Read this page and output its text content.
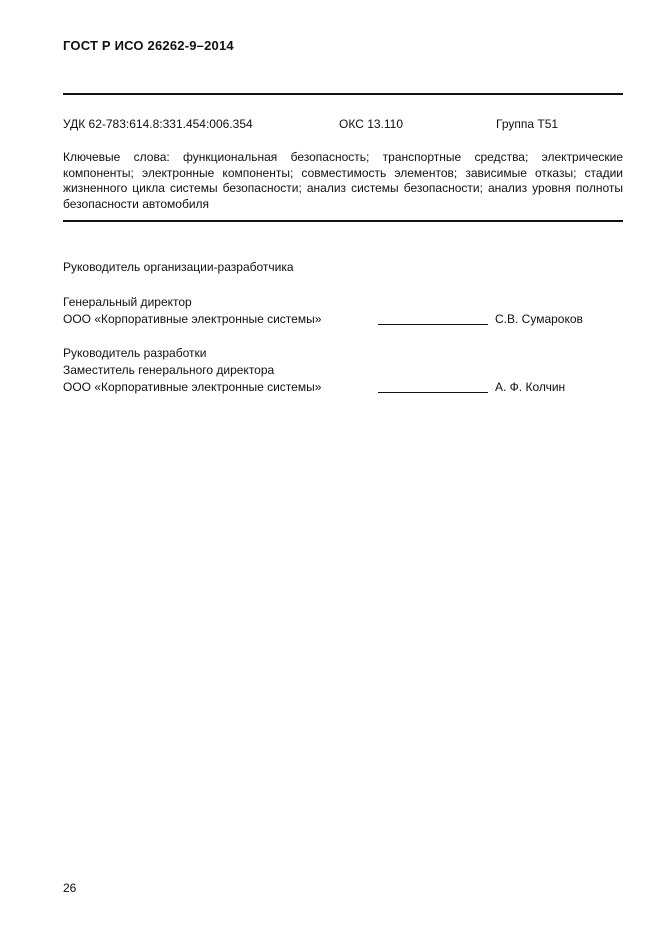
ГОСТ Р ИСО 26262-9–2014
УДК 62-783:614.8:331.454:006.354	ОКС 13.110	Группа Т51
Ключевые слова: функциональная безопасность; транспортные средства; электрические компоненты; электронные компоненты; совместимость элементов; зависимые отказы; стадии жизненного цикла системы безопасности; анализ системы безопасности; анализ уровня полноты безопасности автомобиля
Руководитель организации-разработчика
Генеральный директор
ООО «Корпоративные электронные системы»	С.В. Сумароков
Руководитель разработки
Заместитель генерального директора
ООО «Корпоративные электронные системы»	А. Ф. Колчин
26
